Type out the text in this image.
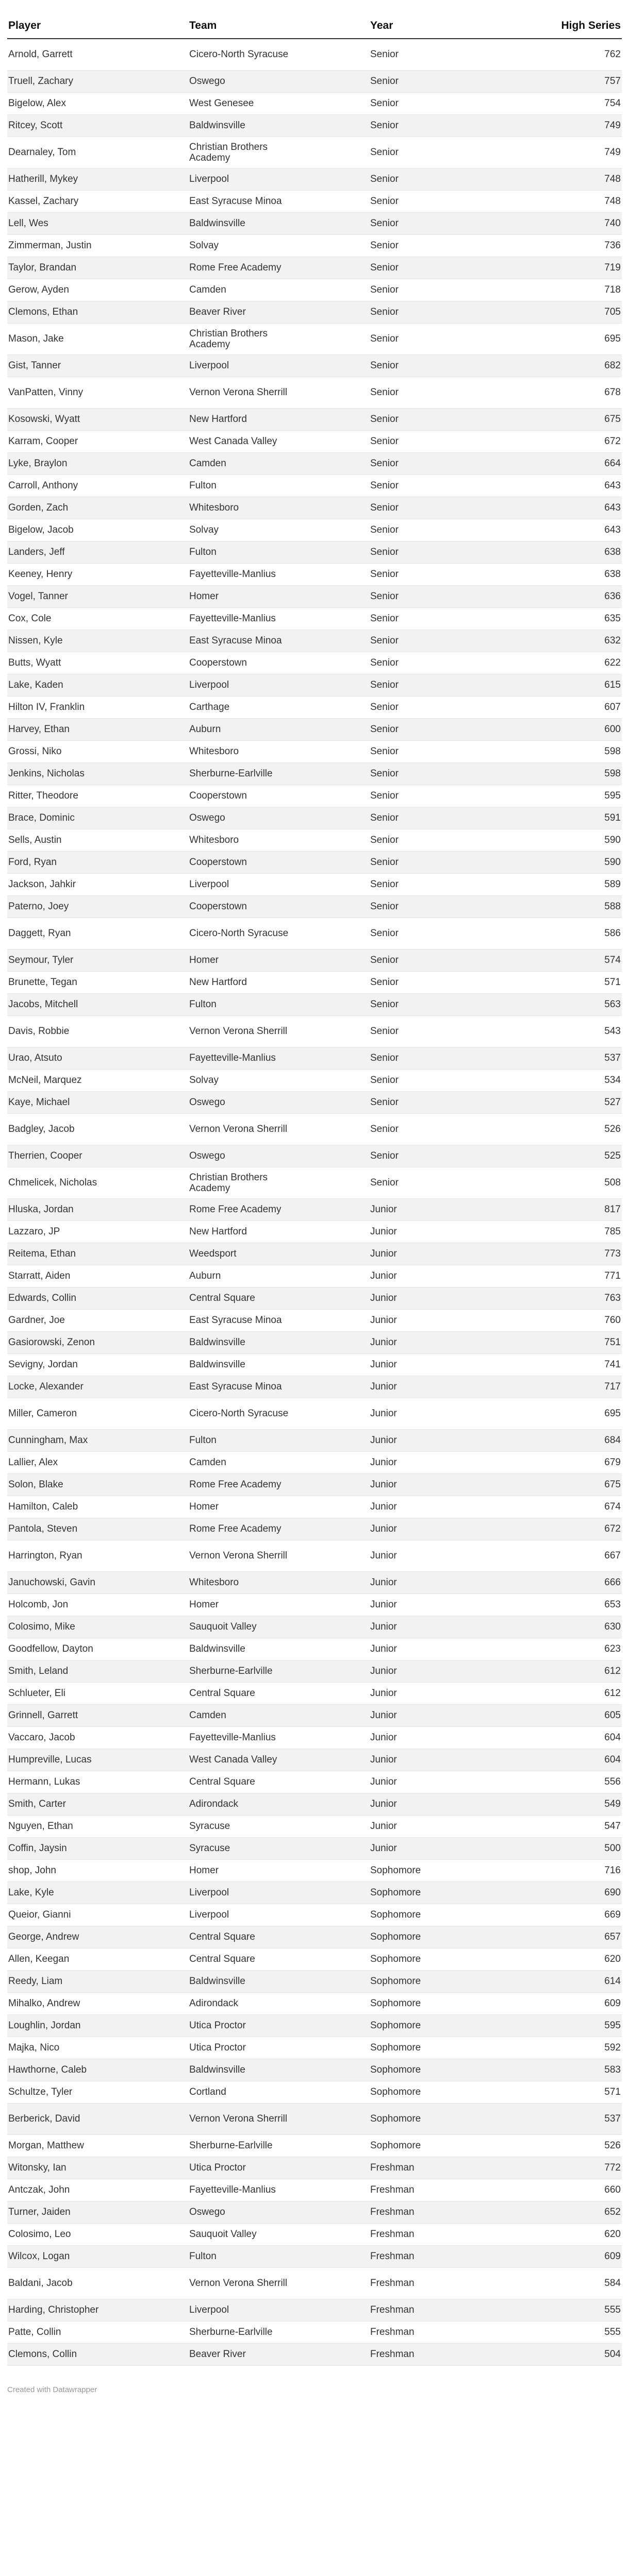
Player	Team	Year	High Series
Arnold, Garrett	Cicero-North Syracuse	Senior	762
Truell, Zachary	Oswego	Senior	757
Bigelow, Alex	West Genesee	Senior	754
Ritcey, Scott	Baldwinsville	Senior	749
Dearnaley, Tom	Christian Brothers Academy	Senior	749
Hatherill, Mykey	Liverpool	Senior	748
Kassel, Zachary	East Syracuse Minoa	Senior	748
Lell, Wes	Baldwinsville	Senior	740
Zimmerman, Justin	Solvay	Senior	736
Taylor, Brandan	Rome Free Academy	Senior	719
Gerow, Ayden	Camden	Senior	718
Clemons, Ethan	Beaver River	Senior	705
Mason, Jake	Christian Brothers Academy	Senior	695
Gist, Tanner	Liverpool	Senior	682
VanPatten, Vinny	Vernon Verona Sherrill	Senior	678
Kosowski, Wyatt	New Hartford	Senior	675
Karram, Cooper	West Canada Valley	Senior	672
Lyke, Braylon	Camden	Senior	664
Carroll, Anthony	Fulton	Senior	643
Gorden, Zach	Whitesboro	Senior	643
Bigelow, Jacob	Solvay	Senior	643
Landers, Jeff	Fulton	Senior	638
Keeney, Henry	Fayetteville-Manlius	Senior	638
Vogel, Tanner	Homer	Senior	636
Cox, Cole	Fayetteville-Manlius	Senior	635
Nissen, Kyle	East Syracuse Minoa	Senior	632
Butts, Wyatt	Cooperstown	Senior	622
Lake, Kaden	Liverpool	Senior	615
Hilton IV, Franklin	Carthage	Senior	607
Harvey, Ethan	Auburn	Senior	600
Grossi, Niko	Whitesboro	Senior	598
Jenkins, Nicholas	Sherburne-Earlville	Senior	598
Ritter, Theodore	Cooperstown	Senior	595
Brace, Dominic	Oswego	Senior	591
Sells, Austin	Whitesboro	Senior	590
Ford, Ryan	Cooperstown	Senior	590
Jackson, Jahkir	Liverpool	Senior	589
Paterno, Joey	Cooperstown	Senior	588
Daggett, Ryan	Cicero-North Syracuse	Senior	586
Seymour, Tyler	Homer	Senior	574
Brunette, Tegan	New Hartford	Senior	571
Jacobs, Mitchell	Fulton	Senior	563
Davis, Robbie	Vernon Verona Sherrill	Senior	543
Urao, Atsuto	Fayetteville-Manlius	Senior	537
McNeil, Marquez	Solvay	Senior	534
Kaye, Michael	Oswego	Senior	527
Badgley, Jacob	Vernon Verona Sherrill	Senior	526
Therrien, Cooper	Oswego	Senior	525
Chmelicek, Nicholas	Christian Brothers Academy	Senior	508
Hluska, Jordan	Rome Free Academy	Junior	817
Lazzaro, JP	New Hartford	Junior	785
Reitema, Ethan	Weedsport	Junior	773
Starratt, Aiden	Auburn	Junior	771
Edwards, Collin	Central Square	Junior	763
Gardner, Joe	East Syracuse Minoa	Junior	760
Gasiorowski, Zenon	Baldwinsville	Junior	751
Sevigny, Jordan	Baldwinsville	Junior	741
Locke, Alexander	East Syracuse Minoa	Junior	717
Miller, Cameron	Cicero-North Syracuse	Junior	695
Cunningham, Max	Fulton	Junior	684
Lallier, Alex	Camden	Junior	679
Solon, Blake	Rome Free Academy	Junior	675
Hamilton, Caleb	Homer	Junior	674
Pantola, Steven	Rome Free Academy	Junior	672
Harrington, Ryan	Vernon Verona Sherrill	Junior	667
Januchowski, Gavin	Whitesboro	Junior	666
Holcomb, Jon	Homer	Junior	653
Colosimo, Mike	Sauquoit Valley	Junior	630
Goodfellow, Dayton	Baldwinsville	Junior	623
Smith, Leland	Sherburne-Earlville	Junior	612
Schlueter, Eli	Central Square	Junior	612
Grinnell, Garrett	Camden	Junior	605
Vaccaro, Jacob	Fayetteville-Manlius	Junior	604
Humpreville, Lucas	West Canada Valley	Junior	604
Hermann, Lukas	Central Square	Junior	556
Smith, Carter	Adirondack	Junior	549
Nguyen, Ethan	Syracuse	Junior	547
Coffin, Jaysin	Syracuse	Junior	500
shop, John	Homer	Sophomore	716
Lake, Kyle	Liverpool	Sophomore	690
Queior, Gianni	Liverpool	Sophomore	669
George, Andrew	Central Square	Sophomore	657
Allen, Keegan	Central Square	Sophomore	620
Reedy, Liam	Baldwinsville	Sophomore	614
Mihalko, Andrew	Adirondack	Sophomore	609
Loughlin, Jordan	Utica Proctor	Sophomore	595
Majka, Nico	Utica Proctor	Sophomore	592
Hawthorne, Caleb	Baldwinsville	Sophomore	583
Schultze, Tyler	Cortland	Sophomore	571
Berberick, David	Vernon Verona Sherrill	Sophomore	537
Morgan, Matthew	Sherburne-Earlville	Sophomore	526
Witonsky, Ian	Utica Proctor	Freshman	772
Antczak, John	Fayetteville-Manlius	Freshman	660
Turner, Jaiden	Oswego	Freshman	652
Colosimo, Leo	Sauquoit Valley	Freshman	620
Wilcox, Logan	Fulton	Freshman	609
Baldani, Jacob	Vernon Verona Sherrill	Freshman	584
Harding, Christopher	Liverpool	Freshman	555
Patte, Collin	Sherburne-Earlville	Freshman	555
Clemons, Collin	Beaver River	Freshman	504
Created with Datawrapper
